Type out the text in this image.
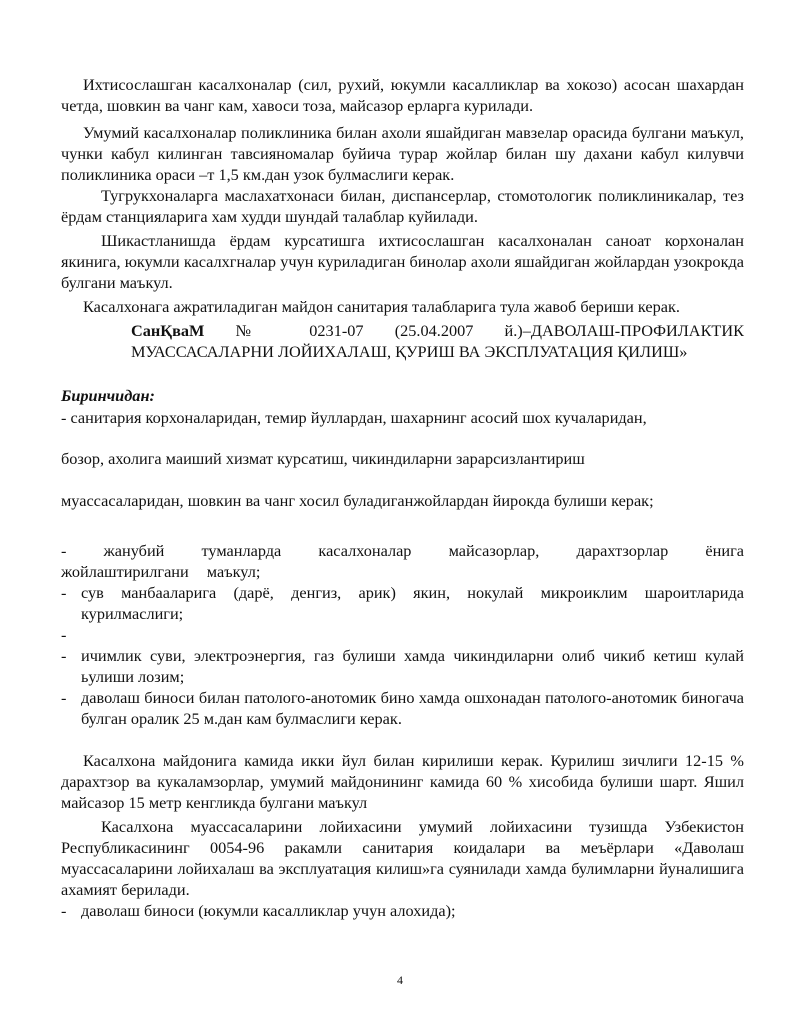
Ихтисослашган касалхоналар (сил, рухий, юкумли касалликлар ва хокозо) асосан шахардан четда, шовкин ва чанг кам, хавоси тоза, майсазор ерларга курилади.

Умумий касалхоналар поликлиника билан ахоли яшайдиган мавзелар орасида булгани маъкул, чунки кабул килинган тавсияномалар буйича турар жойлар билан шу дахани кабул килувчи поликлиника ораси –т 1,5 км.дан узок булмаслиги керак.

Тугрукхоналарга маслахатхонаси билан, диспансерлар, стомотологик поликлиникалар, тез ёрдам станцияларига хам худди шундай талаблар куйилади.

Шикастланишда ёрдам курсатишга ихтисослашган касалхоналан саноат корхоналан якинига, юкумли касалхгналар учун куриладиган бинолар ахоли яшайдиган жойлардан узокрокда булгани маъкул.

Касалхонага ажратиладиган майдон санитария талабларига тула жавоб бериши керак.

СанҚваМ № 0231-07 (25.04.2007 й.)–ДАВОЛАШ-ПРОФИЛАКТИК МУАССАСАЛАРНИ ЛОЙИХАЛАШ, ҚУРИШ ВА ЭКСПЛУАТАЦИЯ ҚИЛИШ»

Биринчидан:

- санитария корхоналаридан, темир йуллардан, шахарнинг асосий шох кучаларидан,

бозор, ахолига маиший хизмат курсатиш, чикиндиларни зарарсизлантириш

муассасаларидан, шовкин ва чанг хосил буладиганжойлардан йирокда булиши керак;

- жанубий туманларда касалхоналар майсазорлар, дарахтзорлар ёнига жойлаштирилгани маъкул;

- сув манбааларига (дарё, денгиз, арик) якин, нокулай микроиклим шароитларида курилмаслиги;
-
- ичимлик суви, электроэнергия, газ булиши хамда чикиндиларни олиб чикиб кетиш кулай ьулиши лозим;
- даволаш биноси билан патолого-анотомик бино хамда ошхонадан патолого-анотомик биногача булган оралик 25 м.дан кам булмаслиги керак.

Касалхона майдонига камида икки йул билан кирилиши керак. Курилиш зичлиги 12-15 % дарахтзор ва кукаламзорлар, умумий майдонининг камида 60 % хисобида булиши шарт. Яшил майсазор 15 метр кенгликда булгани маъкул

Касалхона муассасаларини лойихасини умумий лойихасини тузишда Узбекистон Республикасининг 0054-96 ракамли санитария коидалари ва меъёрлари «Даволаш муассасаларини лойихалаш ва эксплуатация килиш»га суянилади хамда булимларни йуналишига ахамият берилади.

- даволаш биноси (юкумли касалликлар учун алохида);
4
